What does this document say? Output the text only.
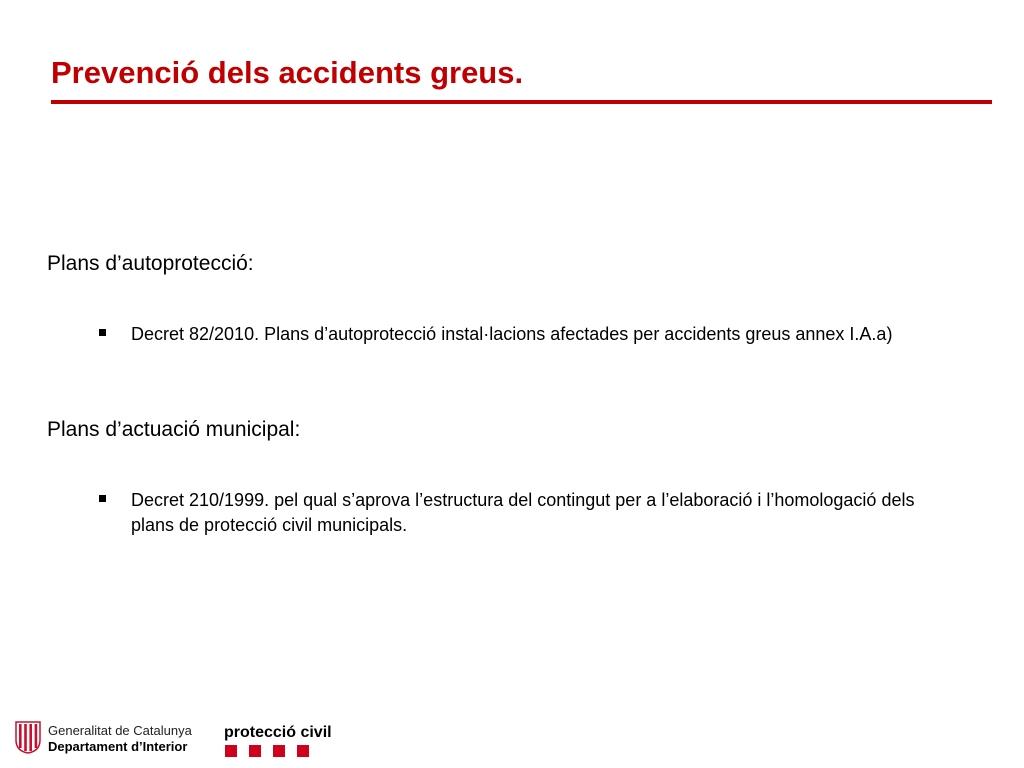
Prevenció dels accidents greus.

Plans d’autoprotecció:

Decret 82/2010. Plans d’autoprotecció instal·lacions afectades per accidents greus annex I.A.a)

Plans d’actuació municipal:

Decret 210/1999. pel qual s’aprova l’estructura del contingut per a l’elaboració i l’homologació dels plans de protecció civil municipals.
Generalitat de Catalunya
Departament d’Interior
protecció civil
